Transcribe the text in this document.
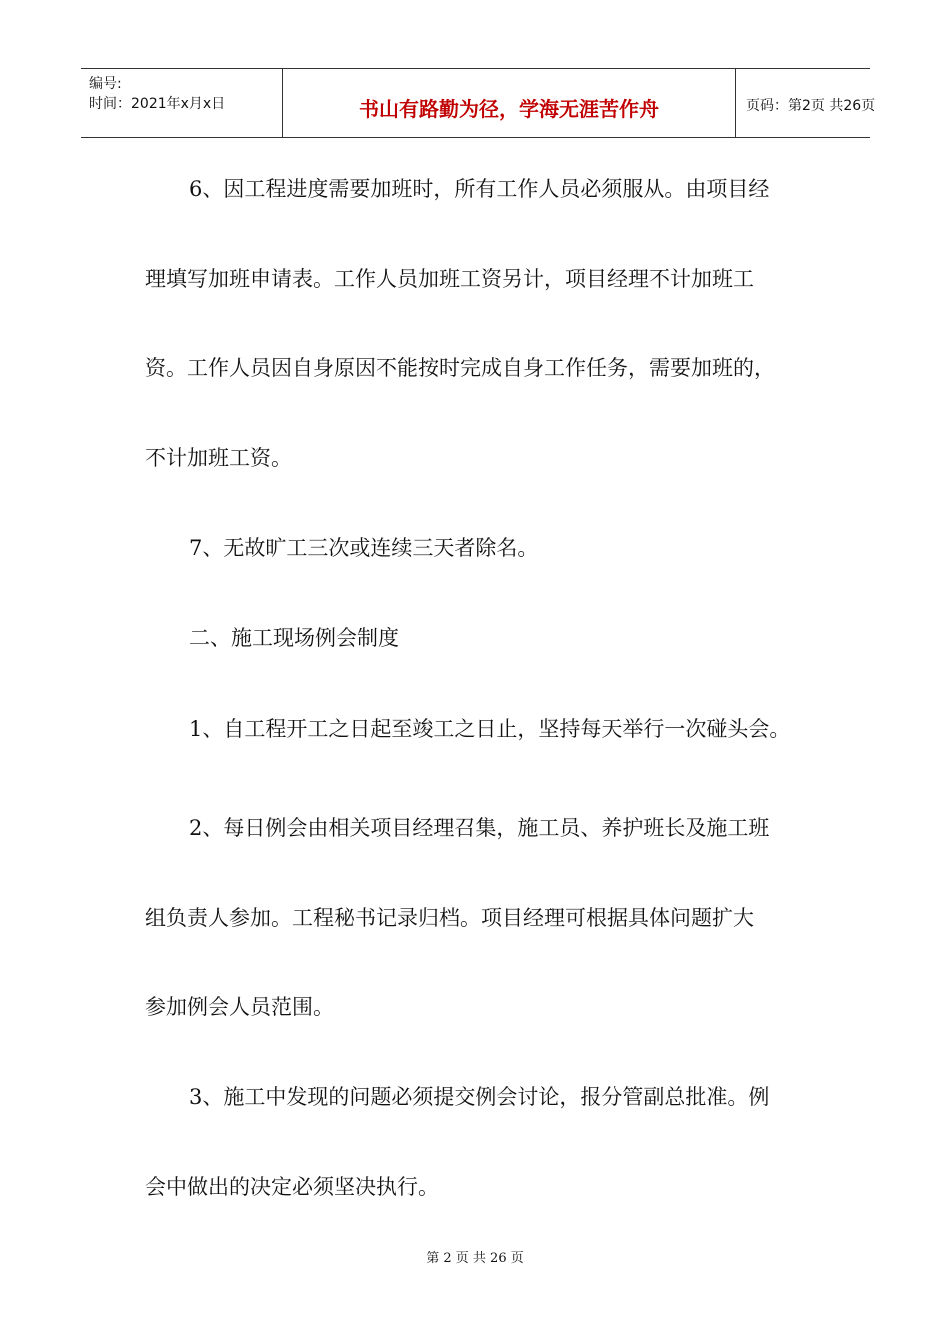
编号:
时间：2021年x月x日	书山有路勤为径，学海无涯苦作舟	页码：第2页 共26页
6、因工程进度需要加班时，所有工作人员必须服从。由项目经
理填写加班申请表。工作人员加班工资另计，项目经理不计加班工
资。工作人员因自身原因不能按时完成自身工作任务，需要加班的，
不计加班工资。
7、无故旷工三次或连续三天者除名。
二、施工现场例会制度
1、自工程开工之日起至竣工之日止，坚持每天举行一次碰头会。
2、每日例会由相关项目经理召集，施工员、养护班长及施工班
组负责人参加。工程秘书记录归档。项目经理可根据具体问题扩大
参加例会人员范围。
3、施工中发现的问题必须提交例会讨论，报分管副总批准。例
会中做出的决定必须坚决执行。
第 2 页 共 26 页
